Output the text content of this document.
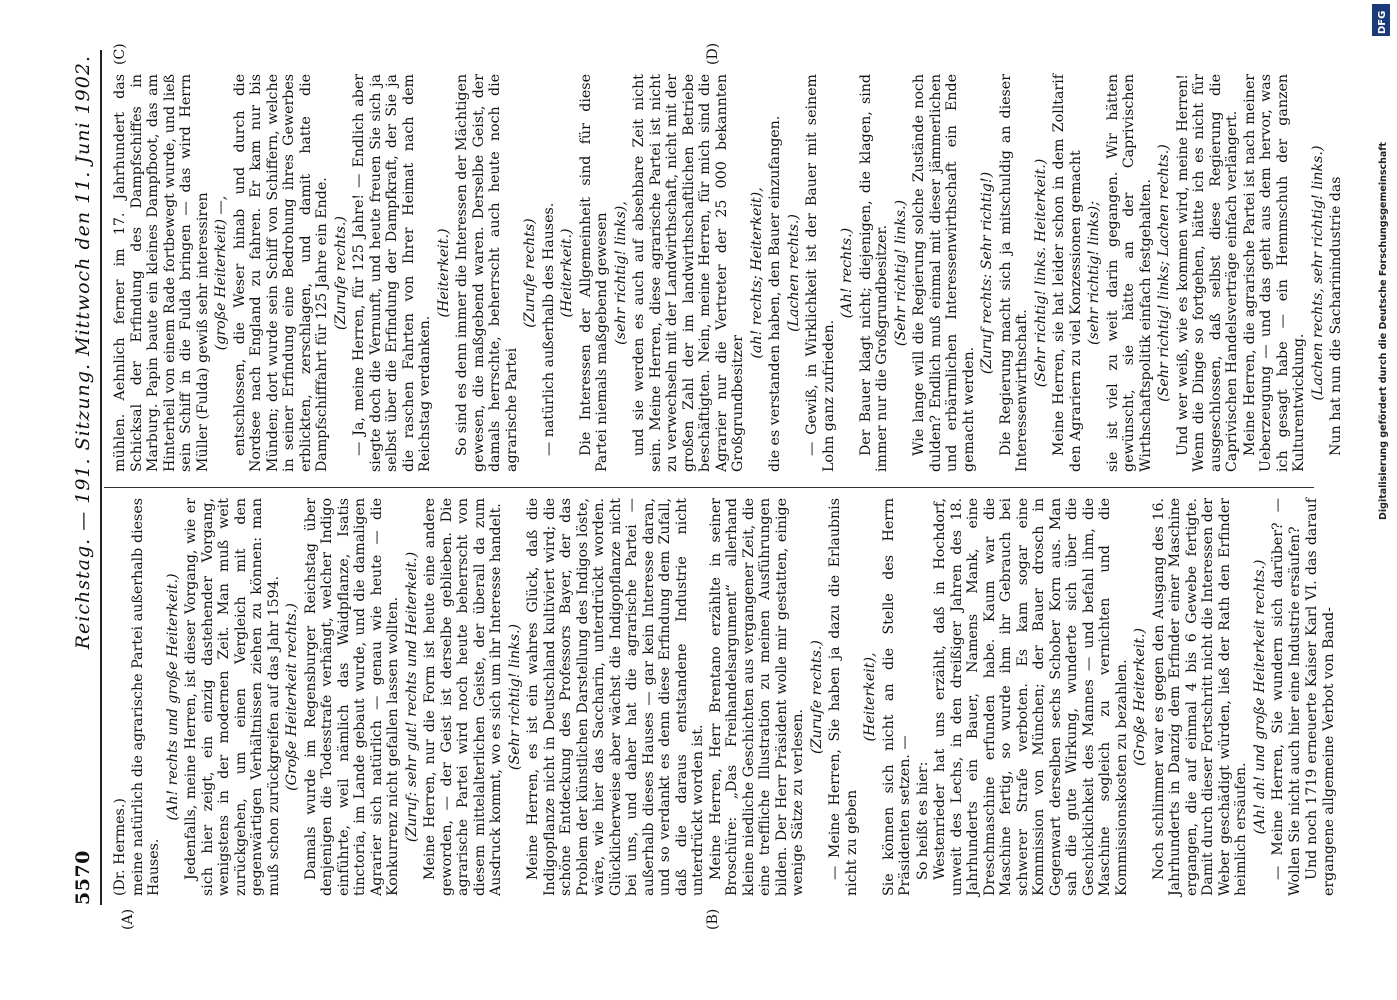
5570
Reichstag. — 191. Sitzung. Mittwoch den 11. Juni 1902.
(A)	(B)
(C)	(D)

(Dr. Hermes.) meine natürlich die agrarische Partei außerhalb dieses Hauses.

(Ah! rechts und große Heiterkeit.) Jedenfalls, meine Herren, ist dieser Vorgang, wie er sich hier zeigt, ein einzig dastehender Vorgang, wenigstens in der modernen Zeit. Man muß weit zurückgehen, um einen Vergleich mit den gegenwärtigen Verhältnissen ziehen zu können: man muß schon zurückgreifen auf das Jahr 1594. (Große Heiterkeit rechts.) Damals wurde im Regensburger Reichstag über denjenigen die Todesstrafe verhängt, welcher Indigo einführte, weil nämlich das Waidpflanze, Isatis tinctoria, im Lande gebaut wurde, und die damaligen Agrarier sich natürlich — genau wie heute — die Konkurrenz nicht gefallen lassen wollten. (Zuruf: sehr gut! rechts und Heiterkeit.) Meine Herren, nur die Form ist heute eine andere geworden, — der Geist ist derselbe geblieben. Die agrarische Partei wird noch heute beherrscht von diesem mittelalterlichen Geiste, der überall da zum Ausdruck kommt, wo es sich um ihr Interesse handelt. (Sehr richtig! links.) Meine Herren, es ist ein wahres Glück, daß die Indigopflanze nicht in Deutschland kultiviert wird; die schöne Entdeckung des Professors Bayer, der das Problem der künstlichen Darstellung des Indigos löste, wäre, wie hier das Saccharin, unterdrückt worden. Glücklicherweise aber wächst die Indigopflanze nicht bei uns, und daher hat die agrarische Partei — außerhalb dieses Hauses — gar kein Interesse daran, und so verdankt es denn diese Erfindung dem Zufall, daß die daraus entstandene Industrie nicht unterdrückt worden ist. Meine Herren, Herr Brentano erzählte in seiner Broschüre: „Das Freihandelsargument“ allerhand kleine niedliche Geschichten aus vergangener Zeit, die eine treffliche Illustration zu meinen Ausführungen bilden. Der Herr Präsident wolle mir gestatten, einige wenige Sätze zu verlesen.

(Zurufe rechts.) — Meine Herren, Sie haben ja dazu die Erlaubnis nicht zu geben

(Heiterkeit), Sie können sich nicht an die Stelle des Herrn Präsidenten setzen. — So heißt es hier: Westenrieder hat uns erzählt, daß in Hochdorf, unweit des Lechs, in den dreißiger Jahren des 18. Jahrhunderts ein Bauer, Namens Mank, eine Dreschmaschine erfunden habe. Kaum war die Maschine fertig, so wurde ihm ihr Gebrauch bei schwerer Strafe verboten. Es kam sogar eine Kommission von München; der Bauer drosch in Gegenwart derselben sechs Schober Korn aus. Man sah die gute Wirkung, wunderte sich über die Geschicklichkeit des Mannes — und befahl ihm, die Maschine sogleich zu vernichten und die Kommissionskosten zu bezahlen. (Große Heiterkeit.) Noch schlimmer war es gegen den Ausgang des 16. Jahrhunderts in Danzig dem Erfinder einer Maschine ergangen, die auf einmal 4 bis 6 Gewebe fertigte. Damit durch dieser Fortschritt nicht die Interessen der Weber geschädigt würden, ließ der Rath den Erfinder heimlich ersäufen. (Ah! ah! und große Heiterkeit rechts.) — Meine Herren, Sie wundern sich darüber? — Wollen Sie nicht auch hier eine Industrie ersäufen? Und noch 1719 erneuerte Kaiser Karl VI. das darauf ergangene allgemeine Verbot von Band-

mühlen. Aehnlich ferner im 17. Jahrhundert das Schicksal der Erfindung des Dampfschiffes in Marburg. Papin baute ein kleines Dampfboot, das am Hinterheil von einem Rade fortbewegt wurde, und ließ sein Schiff in die Fulda bringen — das wird Herrn Müller (Fulda) gewiß sehr interessiren (große Heiterkeit) —, entschlossen, die Weser hinab und durch die Nordsee nach England zu fahren. Er kam nur bis Münden; dort wurde sein Schiff von Schiffern, welche in seiner Erfindung eine Bedrohung ihres Gewerbes erblickten, zerschlagen, und damit hatte die Dampfschifffahrt für 125 Jahre ein Ende. (Zurufe rechts.) — Ja, meine Herren, für 125 Jahre! — Endlich aber siegte doch die Vernunft, und heute freuen Sie sich ja selbst über die Erfindung der Dampfkraft, der Sie ja die raschen Fahrten von Ihrer Heimat nach dem Reichstag verdanken.

(Heiterkeit.) So sind es denn immer die Interessen der Mächtigen gewesen, die maßgebend waren. Derselbe Geist, der damals herrschte, beherrscht auch heute noch die agrarische Partei

(Zurufe rechts) — natürlich außerhalb des Hauses. (Heiterkeit.) Die Interessen der Allgemeinheit sind für diese Partei niemals maßgebend gewesen (sehr richtig! links), und sie werden es auch auf absehbare Zeit nicht sein. Meine Herren, diese agrarische Partei ist nicht zu verwechseln mit der Landwirthschaft, nicht mit der großen Zahl der im landwirthschaftlichen Betriebe beschäftigten. Nein, meine Herren, für mich sind die Agrarier nur die Vertreter der 25 000 bekannten Großgrundbesitzer

(ah! rechts; Heiterkeit), die es verstanden haben, den Bauer einzufangen. (Lachen rechts.) — Gewiß, in Wirklichkeit ist der Bauer mit seinem Lohn ganz zufrieden.

(Ah! rechts.) Der Bauer klagt nicht; diejenigen, die klagen, sind immer nur die Großgrundbesitzer. (Sehr richtig! links.) Wie lange will die Regierung solche Zustände noch dulden? Endlich muß einmal mit dieser jämmerlichen und erbärmlichen Interessenwirthschaft ein Ende gemacht werden.

(Zuruf rechts: Sehr richtig!) Die Regierung macht sich ja mitschuldig an dieser Interessenwirthschaft.

(Sehr richtig! links. Heiterkeit.) Meine Herren, sie hat leider schon in dem Zolltarif den Agrariern zu viel Konzessionen gemacht (sehr richtig! links); sie ist viel zu weit darin gegangen. Wir hätten gewünscht, sie hätte an der Caprivischen Wirthschaftspolitik einfach festgehalten. (Sehr richtig! links; Lachen rechts.) Und wer weiß, wie es kommen wird, meine Herren! Wenn die Dinge so fortgehen, hätte ich es nicht für ausgeschlossen, daß selbst diese Regierung die Caprivischen Handelsverträge einfach verlängert. Meine Herren, die agrarische Partei ist nach meiner Ueberzeugung — und das geht aus dem hervor, was ich gesagt habe — ein Hemmschuh der ganzen Kulturentwicklung.

(Lachen rechts, sehr richtig! links.) Nun hat nun die Sacharinindustrie das

DFG
Digitalisierung gefördert durch die Deutsche Forschungsgemeinschaft
